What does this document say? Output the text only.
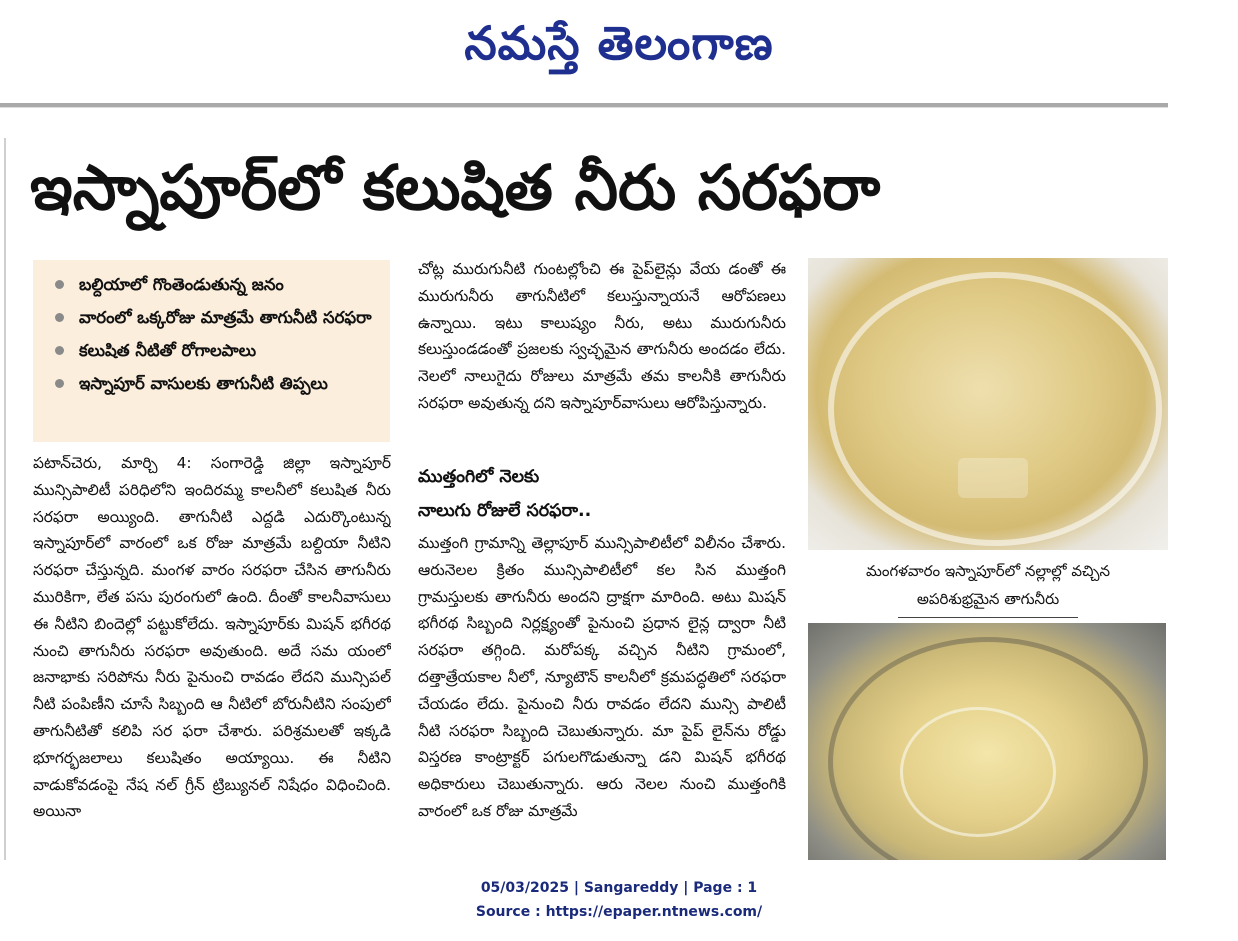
నమస్తే తెలంగాణ
ఇస్నాపూర్‌లో కలుషిత నీరు సరఫరా
బల్దియాలో గొంతెండుతున్న జనం
వారంలో ఒక్కరోజు మాత్రమే తాగునీటి సరఫరా
కలుషిత నీటితో రోగాలపాలు
ఇస్నాపూర్ వాసులకు తాగునీటి తిప్పలు
పటాన్‌చెరు, మార్చి 4: సంగారెడ్డి జిల్లా ఇస్నాపూర్ మున్సిపాలిటీ పరిధిలోని ఇందిరమ్మ కాలనీలో కలుషిత నీరు సరఫరా అయ్యింది. తాగునీటి ఎద్దడి ఎదుర్కొంటున్న ఇస్నాపూర్‌లో వారంలో ఒక రోజు మాత్రమే బల్దియా నీటిని సరఫరా చేస్తున్నది. మంగళ వారం సరఫరా చేసిన తాగునీరు మురికిగా, లేత పసు పురంగులో ఉంది. దీంతో కాలనీవాసులు ఈ నీటిని బిందెల్లో పట్టుకోలేదు. ఇస్నాపూర్‌కు మిషన్ భగీరథ నుంచి తాగునీరు సరఫరా అవుతుంది. అదే సమ యంలో జనాభాకు సరిపోను నీరు పైనుంచి రావడం లేదని మున్సిపల్ నీటి పంపిణీని చూసే సిబ్బంది ఆ నీటిలో బోరునీటిని సంపులో తాగునీటితో కలిపి సర ఫరా చేశారు. పరిశ్రమలతో ఇక్కడి భూగర్భజలాలు కలుషితం అయ్యాయి. ఈ నీటిని వాడుకోవడంపై నేష నల్ గ్రీన్ ట్రిబ్యునల్ నిషేధం విధించింది. అయినా
చోట్ల మురుగునీటి గుంటల్లోంచి ఈ పైప్‌లైన్లు వేయ డంతో ఈ మురుగునీరు తాగునీటిలో కలుస్తున్నాయనే ఆరోపణలు ఉన్నాయి. ఇటు కాలుష్యం నీరు, అటు మురుగునీరు కలుస్తుండడంతో ప్రజలకు స్వచ్ఛమైన తాగునీరు అందడం లేదు. నెలలో నాలుగైదు రోజులు మాత్రమే తమ కాలనీకి తాగునీరు సరఫరా అవుతున్న దని ఇస్నాపూర్‌వాసులు ఆరోపిస్తున్నారు.
ముత్తంగిలో నెలకు
నాలుగు రోజులే సరఫరా..
ముత్తంగి గ్రామాన్ని తెల్లాపూర్ మున్సిపాలిటీలో విలీనం చేశారు. ఆరునెలల క్రితం మున్సిపాలిటీలో కల సిన ముత్తంగి గ్రామస్తులకు తాగునీరు అందని ద్రాక్షగా మారింది. అటు మిషన్ భగీరథ సిబ్బంది నిర్లక్ష్యంతో పైనుంచి ప్రధాన లైన్ల ద్వారా నీటి సరఫరా తగ్గింది. మరోపక్క వచ్చిన నీటిని గ్రామంలో, దత్తాత్రేయకాల నీలో, న్యూటౌన్ కాలనీలో క్రమపద్ధతిలో సరఫరా చేయడం లేదు. పైనుంచి నీరు రావడం లేదని మున్సి పాలిటీ నీటి సరఫరా సిబ్బంది చెబుతున్నారు. మా పైప్ లైన్‌ను రోడ్డు విస్తరణ కాంట్రాక్టర్ పగులగొడుతున్నా డని మిషన్ భగీరథ అధికారులు చెబుతున్నారు. ఆరు నెలల నుంచి ముత్తంగికి వారంలో ఒక రోజు మాత్రమే
మంగళవారం ఇస్నాపూర్‌లో నల్లాల్లో వచ్చిన
అపరిశుభ్రమైన తాగునీరు
05/03/2025 | Sangareddy | Page : 1
Source : https://epaper.ntnews.com/
